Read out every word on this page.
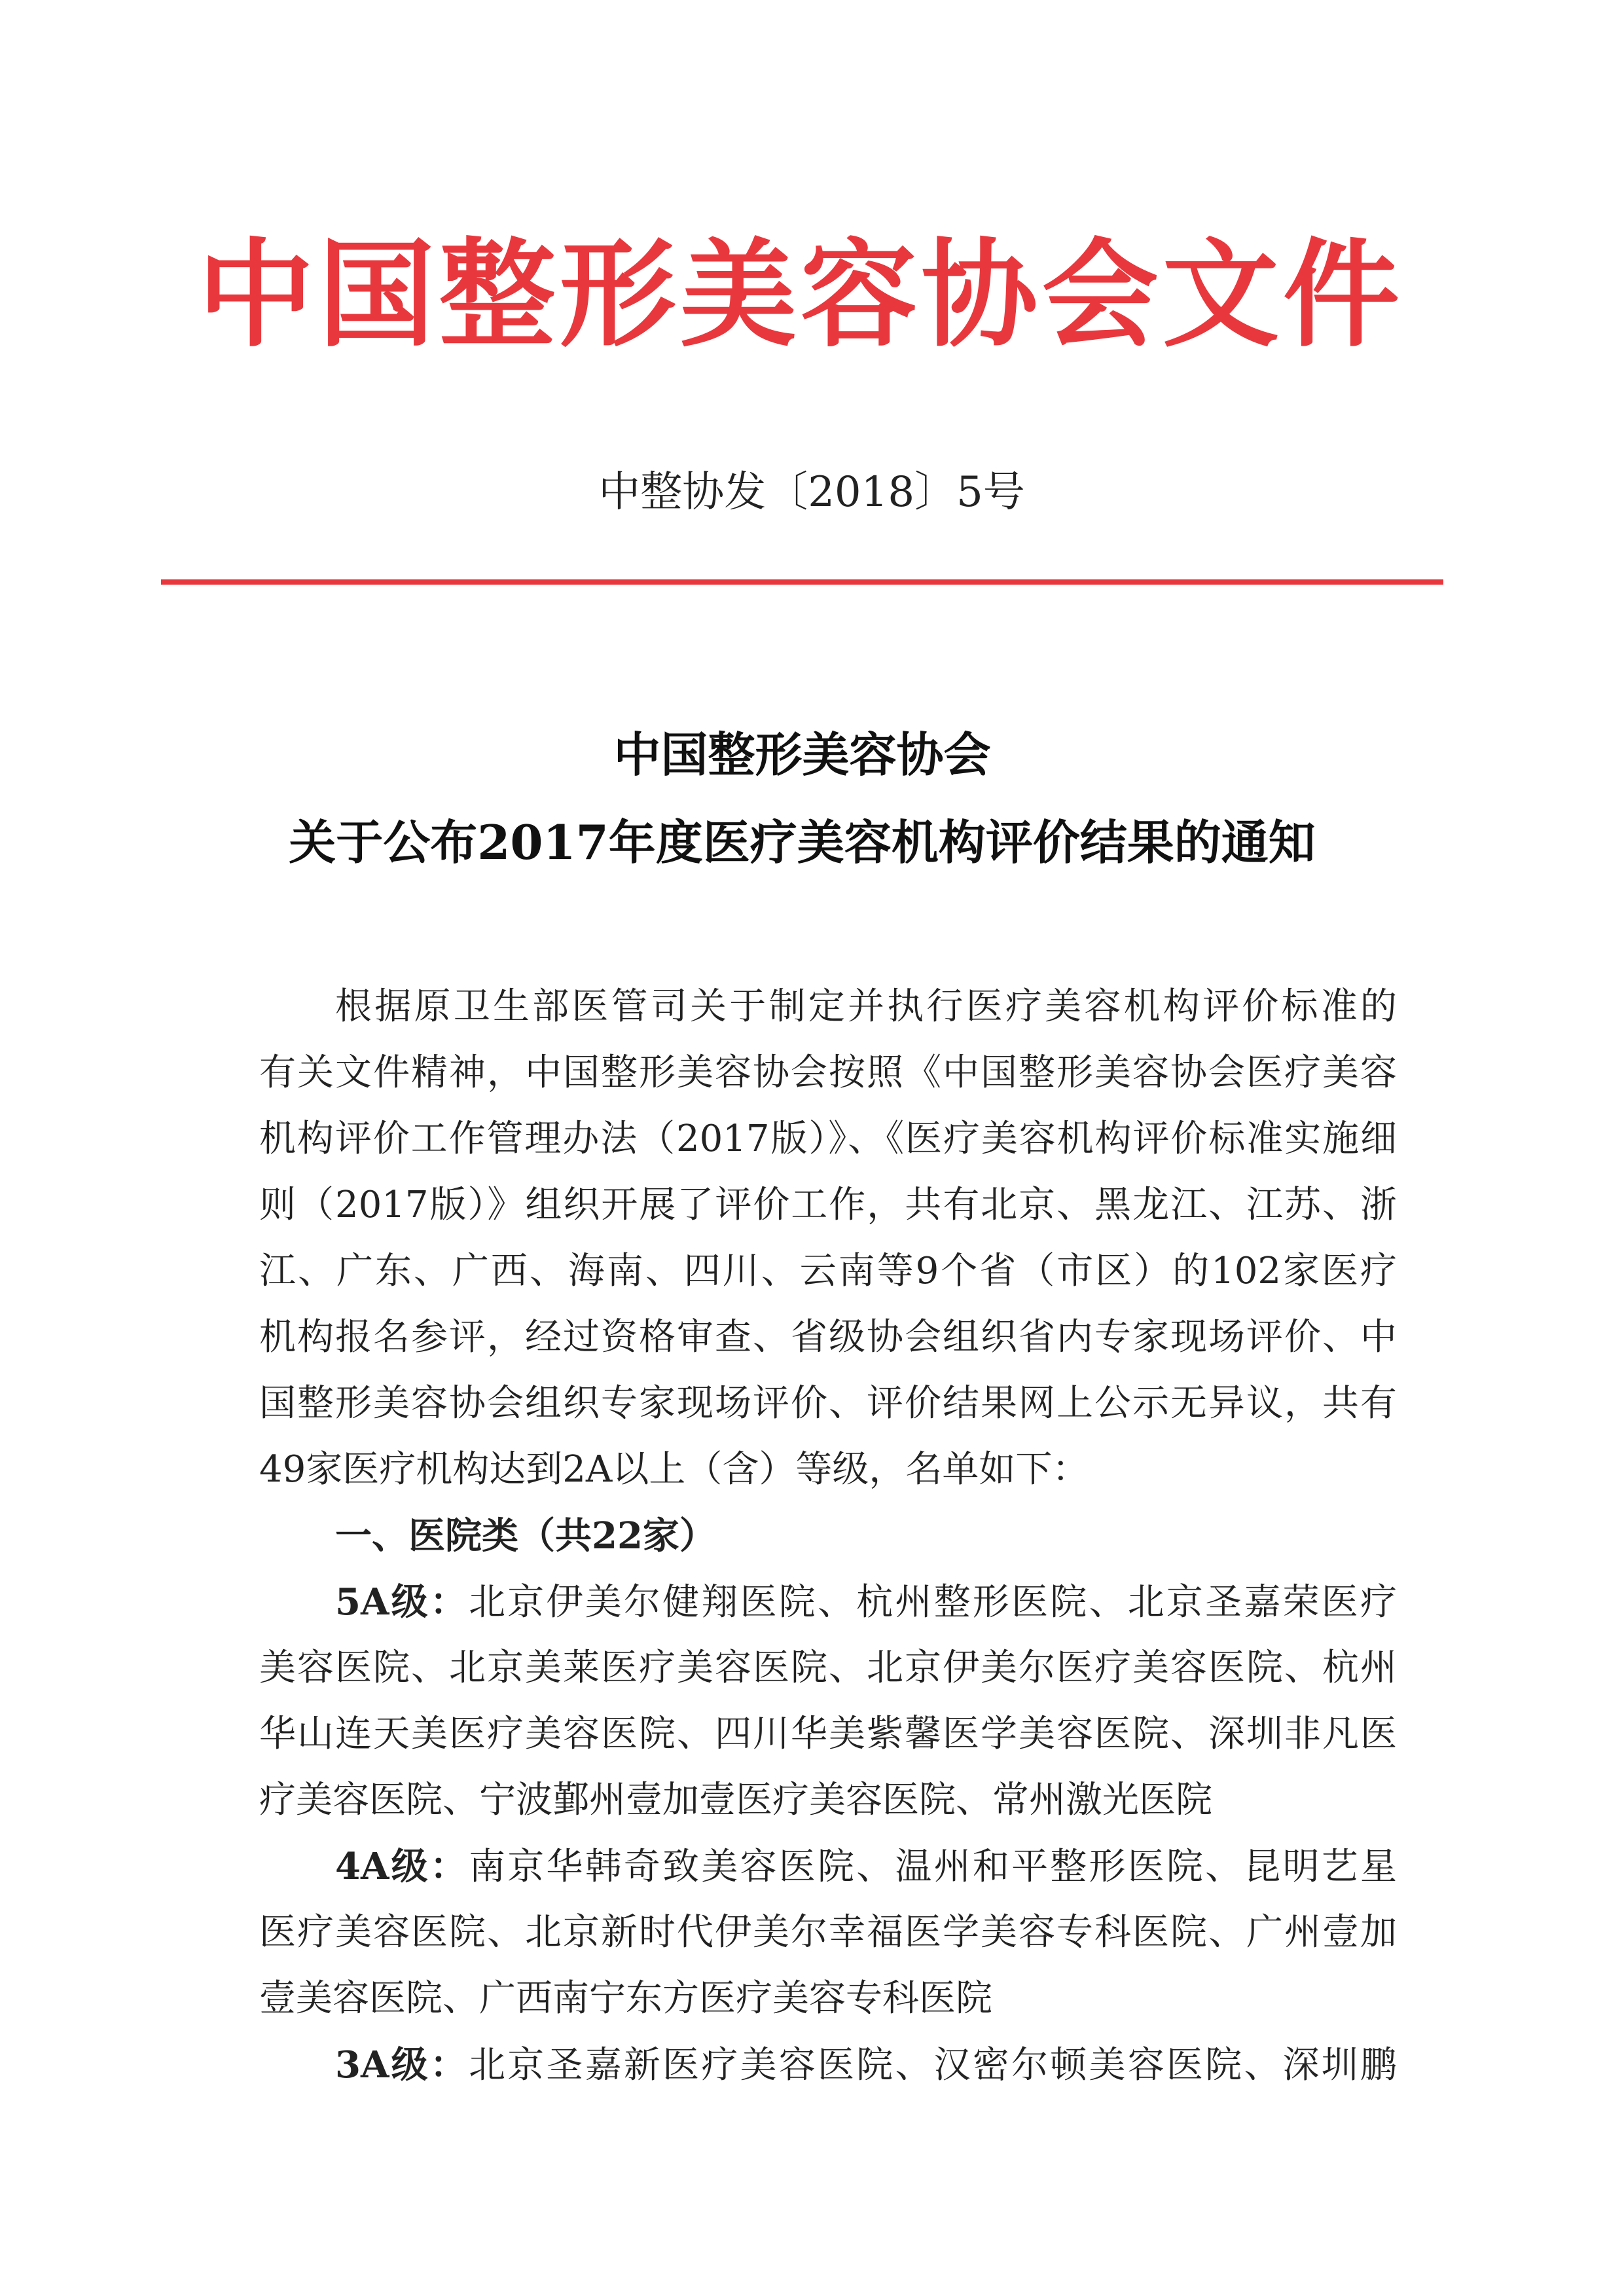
中国整形美容协会文件
中整协发〔2018〕5号
中国整形美容协会
关于公布2017年度医疗美容机构评价结果的通知
根据原卫生部医管司关于制定并执行医疗美容机构评价标准的
有关文件精神，中国整形美容协会按照《中国整形美容协会医疗美容
机构评价工作管理办法（2017版）》、《医疗美容机构评价标准实施细
则（2017版）》组织开展了评价工作，共有北京、黑龙江、江苏、浙
江、广东、广西、海南、四川、云南等9个省（市区）的102家医疗
机构报名参评，经过资格审查、省级协会组织省内专家现场评价、中
国整形美容协会组织专家现场评价、评价结果网上公示无异议，共有
49家医疗机构达到2A以上（含）等级，名单如下：
一、医院类（共22家）
5A级：北京伊美尔健翔医院、杭州整形医院、北京圣嘉荣医疗
美容医院、北京美莱医疗美容医院、北京伊美尔医疗美容医院、杭州
华山连天美医疗美容医院、四川华美紫馨医学美容医院、深圳非凡医
疗美容医院、宁波鄞州壹加壹医疗美容医院、常州激光医院
4A级：南京华韩奇致美容医院、温州和平整形医院、昆明艺星
医疗美容医院、北京新时代伊美尔幸福医学美容专科医院、广州壹加
壹美容医院、广西南宁东方医疗美容专科医院
3A级：北京圣嘉新医疗美容医院、汉密尔顿美容医院、深圳鹏
